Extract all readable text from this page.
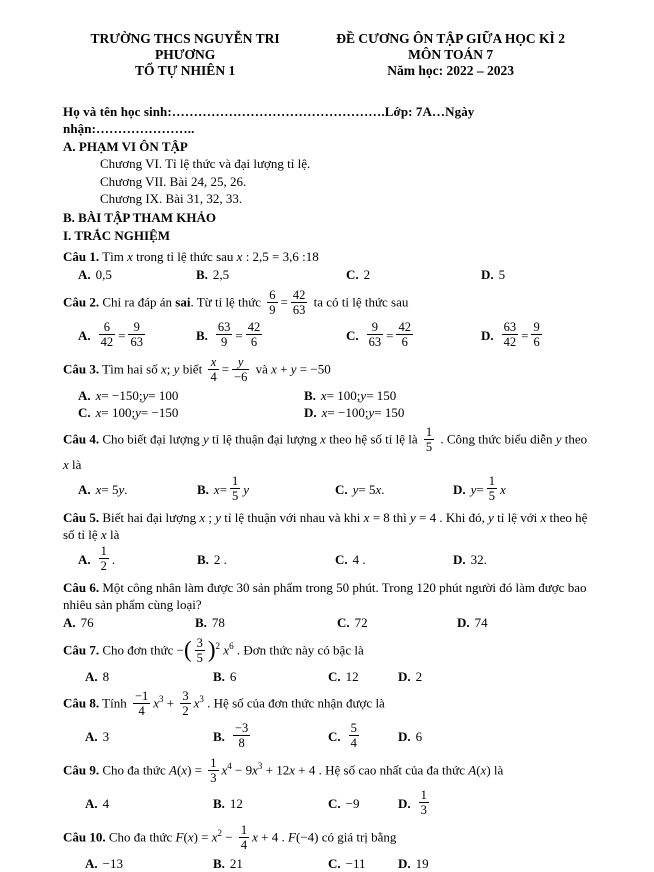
TRƯỜNG THCS NGUYỄN TRI PHƯƠNG
TỔ TỰ NHIÊN 1
ĐỀ CƯƠNG ÔN TẬP GIỮA HỌC KÌ 2
MÔN TOÁN 7
Năm học: 2022 – 2023
Họ và tên học sinh:………………………………………….Lớp: 7A…Ngày nhận:…………………..
A. PHẠM VI ÔN TẬP
Chương VI. Tỉ lệ thức và đại lượng tỉ lệ.
Chương VII. Bài 24, 25, 26.
Chương IX. Bài 31, 32, 33.
B. BÀI TẬP THAM KHẢO
I. TRẮC NGHIỆM
Câu 1. Tìm x trong tỉ lệ thức sau x : 2,5 = 3,6 :18
A. 0,5	B. 2,5	C. 2	D. 5
Câu 2. Chỉ ra đáp án sai. Từ tỉ lệ thức $\frac{6}{9} = \frac{42}{63}$ ta có tỉ lệ thức sau
A. $\frac{6}{42} = \frac{9}{63}$	B. $\frac{63}{9} = \frac{42}{6}$	C. $\frac{9}{63} = \frac{42}{6}$	D. $\frac{63}{42} = \frac{9}{6}$
Câu 3. Tìm hai số x; y biết $\frac{x}{4} = \frac{y}{-6}$ và x + y = −50
A. x = −150; y = 100	B. x = 100; y = 150
C. x = 100; y = −150	D. x = −100; y = 150
Câu 4. Cho biết đại lượng y tỉ lệ thuận đại lượng x theo hệ số tỉ lệ là $\frac{1}{5}$ . Công thức biểu diễn y theo x là
A. x = 5 y .	B. $x = \frac{1}{5}$ y	C. y = 5 x .	D. $y = \frac{1}{5}$ x
Câu 5. Biết hai đại lượng x ; y tỉ lệ thuận với nhau và khi x = 8 thì y = 4 . Khi đó, y tỉ lệ với x theo hệ số tỉ lệ x là
A. $\frac{1}{2}$ .	B. 2 .	C. 4 .	D. 32.
Câu 6. Một công nhân làm được 30 sản phẩm trong 50 phút. Trong 120 phút người đó làm được bao nhiêu sản phẩm cùng loại?
A. 76	B. 78	C. 72	D. 74
Câu 7. Cho đơn thức −( $\frac{3}{5} )^2$ $x^6$ . Đơn thức này có bậc là
A. 8	B. 6	C. 12	D. 2
Câu 8. Tính $\frac{-1}{4} x^3 + \frac{3}{2} x^3$ . Hệ số của đơn thức nhận được là
A. 3	B. $\frac{-3}{8}$	C. $\frac{5}{4}$	D. 6
Câu 9. Cho đa thức $A(x) = \frac{1}{3} x^4 - 9x^3 + 12x + 4$ . Hệ số cao nhất của đa thức A(x) là
A. 4	B. 12	C. −9	D. $\frac{1}{3}$
Câu 10. Cho đa thức $F(x) = x^2 - \frac{1}{4}$ x + 4 . F(−4) có giá trị bằng
A. −13	B. 21	C. −11	D. 19
